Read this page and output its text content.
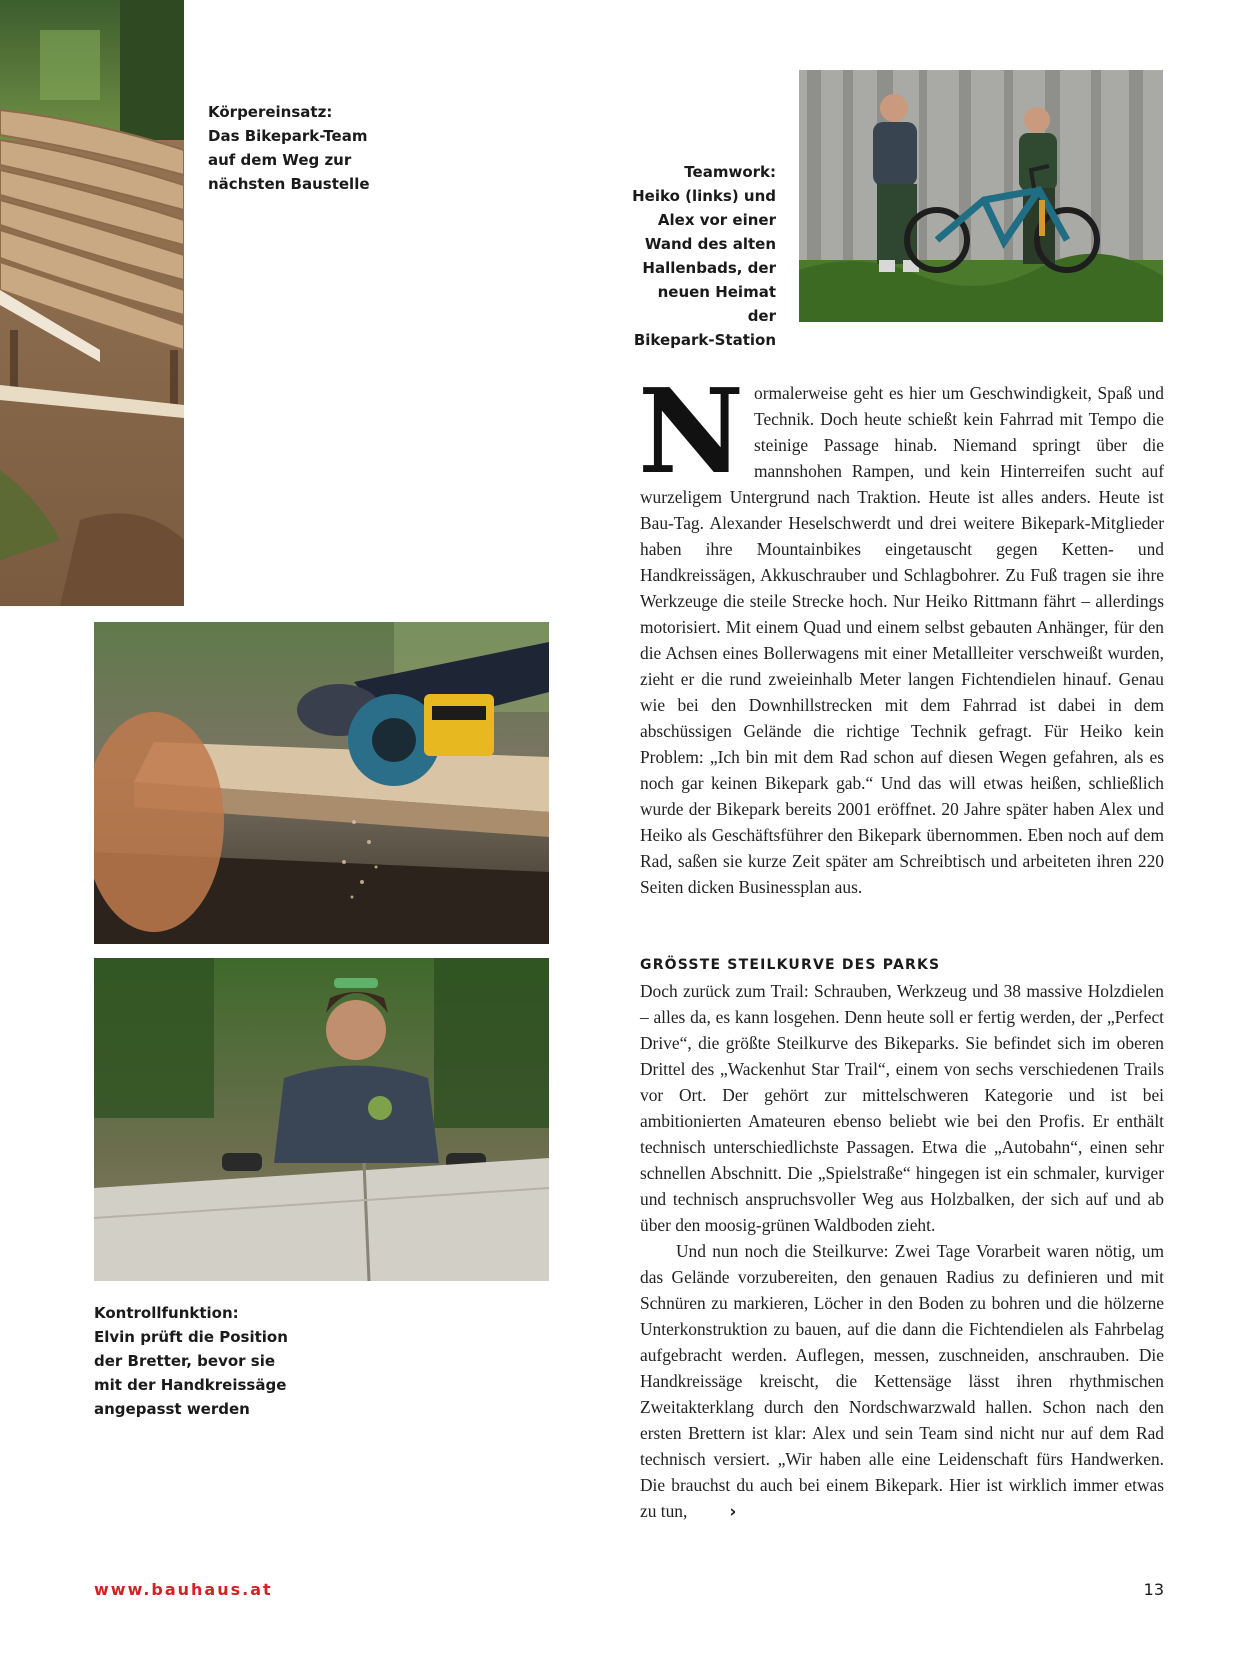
Körpereinsatz:
Das Bikepark-Team
auf dem Weg zur
nächsten Baustelle
Teamwork:
Heiko (links) und
Alex vor einer
Wand des alten
Hallenbads, der
neuen Heimat der
Bikepark-Station
Kontrollfunktion:
Elvin prüft die Position
der Bretter, bevor sie
mit der Handkreissäge
angepasst werden

Normalerweise geht es hier um Geschwindigkeit, Spaß und Technik. Doch heute schießt kein Fahrrad mit Tempo die steinige Passage hinab. Niemand springt über die mannshohen Rampen, und kein Hinterreifen sucht auf wurzeligem Untergrund nach Traktion. Heute ist alles anders. Heute ist Bau-Tag. Alexander Heselschwerdt und drei weitere Bikepark-Mitglieder haben ihre Mountainbikes eingetauscht gegen Ketten- und Handkreissägen, Akkuschrauber und Schlagbohrer. Zu Fuß tragen sie ihre Werkzeuge die steile Strecke hoch. Nur Heiko Rittmann fährt – allerdings motorisiert. Mit einem Quad und einem selbst gebauten Anhänger, für den die Achsen eines Bollerwagens mit einer Metallleiter verschweißt wurden, zieht er die rund zweieinhalb Meter langen Fichtendielen hinauf. Genau wie bei den Downhillstrecken mit dem Fahrrad ist dabei in dem abschüssigen Gelände die richtige Technik gefragt. Für Heiko kein Problem: „Ich bin mit dem Rad schon auf diesen Wegen gefahren, als es noch gar keinen Bikepark gab.“ Und das will etwas heißen, schließlich wurde der Bikepark bereits 2001 eröffnet. 20 Jahre später haben Alex und Heiko als Geschäftsführer den Bikepark übernommen. Eben noch auf dem Rad, saßen sie kurze Zeit später am Schreibtisch und arbeiteten ihren 220 Seiten dicken Businessplan aus.

GRÖSSTE STEILKURVE DES PARKS

Doch zurück zum Trail: Schrauben, Werkzeug und 38 massive Holzdielen – alles da, es kann losgehen. Denn heute soll er fertig werden, der „Perfect Drive“, die größte Steilkurve des Bikeparks. Sie befindet sich im oberen Drittel des „Wackenhut Star Trail“, einem von sechs verschiedenen Trails vor Ort. Der gehört zur mittelschweren Kategorie und ist bei ambitionierten Amateuren ebenso beliebt wie bei den Profis. Er enthält technisch unterschiedlichste Passagen. Etwa die „Autobahn“, einen sehr schnellen Abschnitt. Die „Spielstraße“ hingegen ist ein schmaler, kurviger und technisch anspruchsvoller Weg aus Holzbalken, der sich auf und ab über den moosig-grünen Waldboden zieht.

Und nun noch die Steilkurve: Zwei Tage Vorarbeit waren nötig, um das Gelände vorzubereiten, den genauen Radius zu definieren und mit Schnüren zu markieren, Löcher in den Boden zu bohren und die hölzerne Unterkonstruktion zu bauen, auf die dann die Fichtendielen als Fahrbelag aufgebracht werden. Auflegen, messen, zuschneiden, anschrauben. Die Handkreissäge kreischt, die Kettensäge lässt ihren rhythmischen Zweitakterklang durch den Nordschwarzwald hallen. Schon nach den ersten Brettern ist klar: Alex und sein Team sind nicht nur auf dem Rad technisch versiert. „Wir haben alle eine Leidenschaft fürs Handwerken. Die brauchst du auch bei einem Bikepark. Hier ist wirklich immer etwas zu tun, ›

www.bauhaus.at	13
